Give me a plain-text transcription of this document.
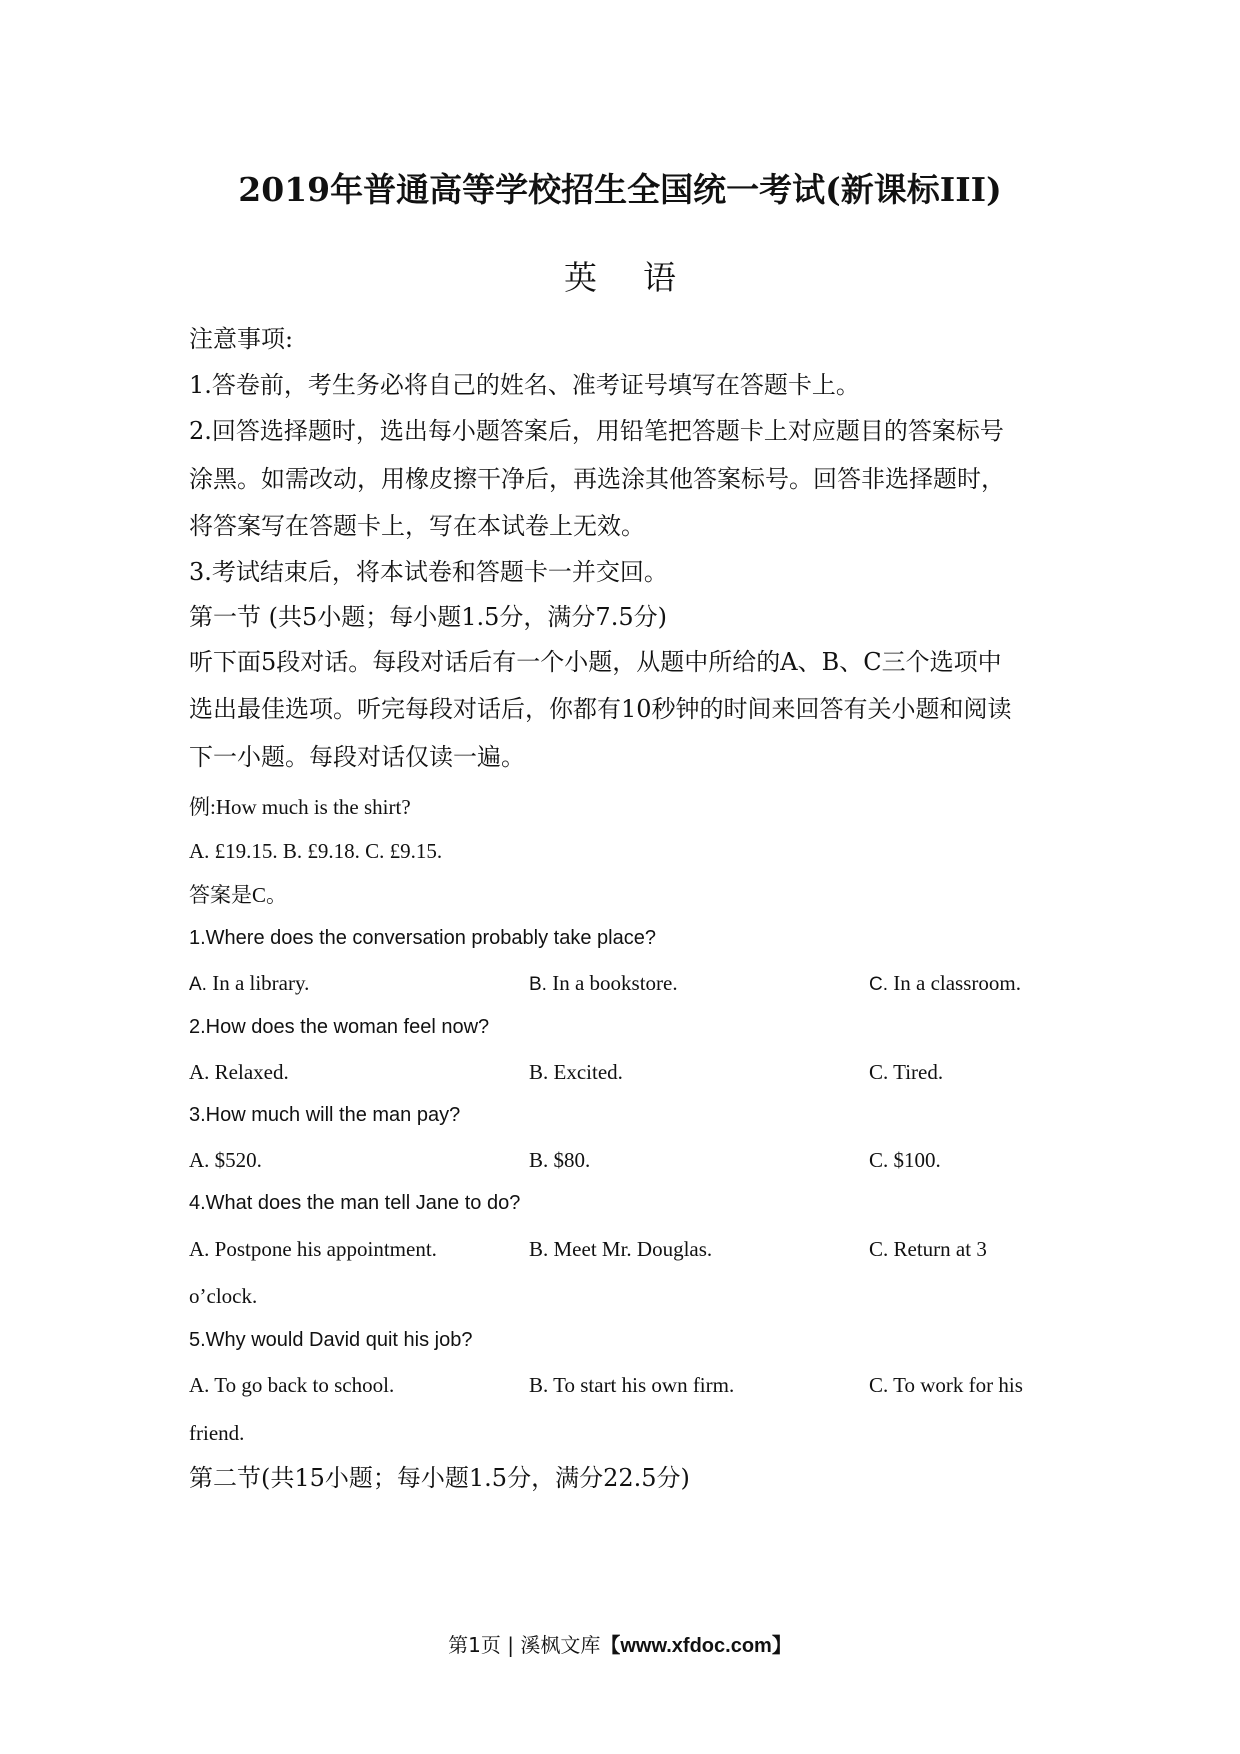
2019年普通高等学校招生全国统一考试(新课标III)
英语
注意事项:
1.答卷前，考生务必将自己的姓名、准考证号填写在答题卡上。
2.回答选择题时，选出每小题答案后，用铅笔把答题卡上对应题目的答案标号
涂黑。如需改动，用橡皮擦干净后，再选涂其他答案标号。回答非选择题时，
将答案写在答题卡上，写在本试卷上无效。
3.考试结束后，将本试卷和答题卡一并交回。
第一节 (共5小题；每小题1.5分，满分7.5分)
听下面5段对话。每段对话后有一个小题，从题中所给的A、B、C三个选项中
选出最佳选项。听完每段对话后，你都有10秒钟的时间来回答有关小题和阅读
下一小题。每段对话仅读一遍。
例:How much is the shirt?
A. £19.15. B. £9.18. C. £9.15.
答案是C。
1.Where does the conversation probably take place?
A. In a library.	B. In a bookstore.	C. In a classroom.
2.How does the woman feel now?
A. Relaxed.	B. Excited.	C. Tired.
3.How much will the man pay?
A. $520.	B. $80.	C. $100.
4.What does the man tell Jane to do?
A. Postpone his appointment.	B. Meet Mr. Douglas.	C. Return at 3
o’clock.
5.Why would David quit his job?
A. To go back to school.	B. To start his own firm.	C. To work for his
friend.
第二节(共15小题；每小题1.5分，满分22.5分)
第1页 | 溪枫文库【www.xfdoc.com】
